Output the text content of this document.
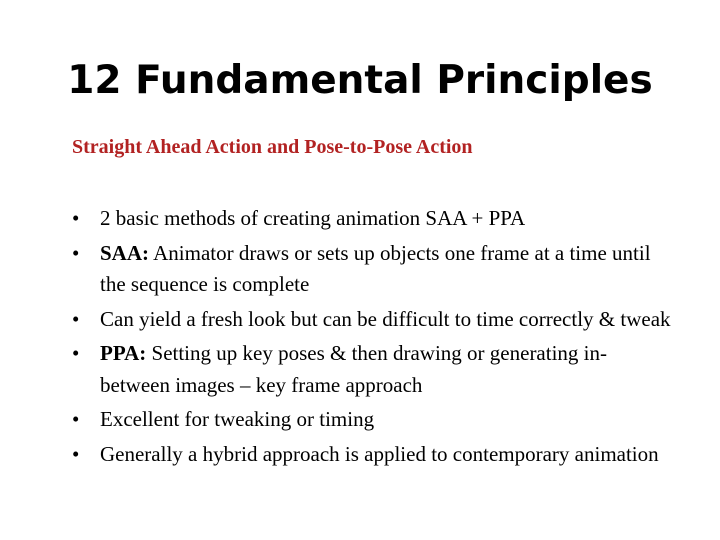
12 Fundamental Principles

Straight Ahead Action and Pose-to-Pose Action

• 2 basic methods of creating animation SAA + PPA
• SAA: Animator draws or sets up objects one frame at a time until the sequence is complete
• Can yield a fresh look but can be difficult to time correctly & tweak
• PPA: Setting up key poses & then drawing or generating in-between images – key frame approach
• Excellent for tweaking or timing
• Generally a hybrid approach is applied to contemporary animation
